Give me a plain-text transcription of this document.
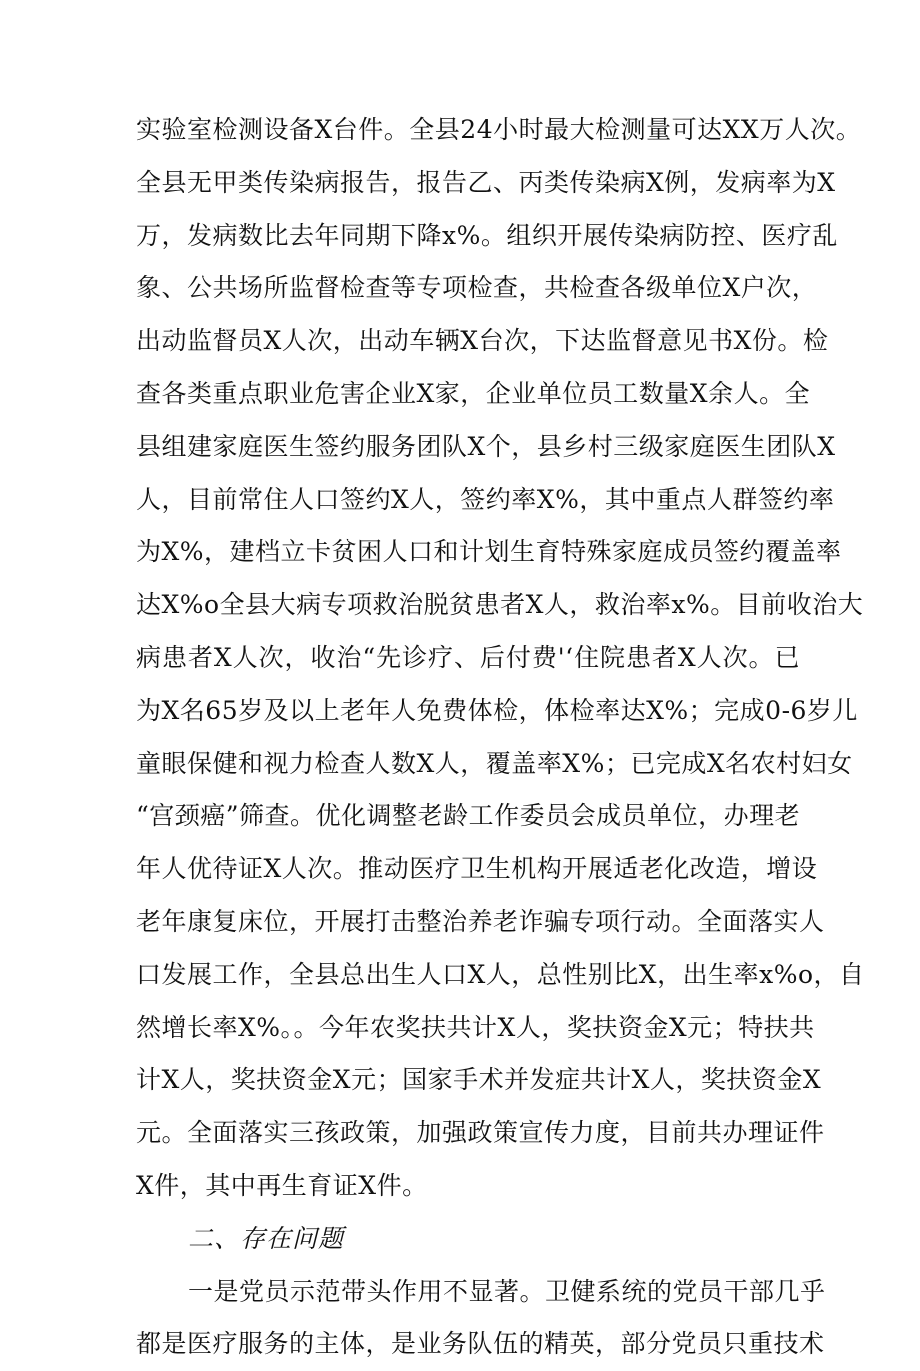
实验室检测设备X台件。全县24小时最大检测量可达XX万人次。
全县无甲类传染病报告，报告乙、丙类传染病X例，发病率为X
万，发病数比去年同期下降x%。组织开展传染病防控、医疗乱
象、公共场所监督检查等专项检查，共检查各级单位X户次，
出动监督员X人次，出动车辆X台次，下达监督意见书X份。检
查各类重点职业危害企业X家，企业单位员工数量X余人。全
县组建家庭医生签约服务团队X个，县乡村三级家庭医生团队X
人，目前常住人口签约X人，签约率X%，其中重点人群签约率
为X%，建档立卡贫困人口和计划生育特殊家庭成员签约覆盖率
达X%o全县大病专项救治脱贫患者X人，救治率x%。目前收治大
病患者X人次，收治“先诊疗、后付费'‘住院患者X人次。已
为X名65岁及以上老年人免费体检，体检率达X%；完成0-6岁儿
童眼保健和视力检查人数X人，覆盖率X%；已完成X名农村妇女
“宫颈癌”筛查。优化调整老龄工作委员会成员单位，办理老
年人优待证X人次。推动医疗卫生机构开展适老化改造，增设
老年康复床位，开展打击整治养老诈骗专项行动。全面落实人
口发展工作，全县总出生人口X人，总性别比X，出生率x%o，自
然增长率X%。。今年农奖扶共计X人，奖扶资金X元；特扶共
计X人，奖扶资金X元；国家手术并发症共计X人，奖扶资金X
元。全面落实三孩政策，加强政策宣传力度，目前共办理证件
X件，其中再生育证X件。
二、存在问题
一是党员示范带头作用不显著。卫健系统的党员干部几乎
都是医疗服务的主体，是业务队伍的精英，部分党员只重技术
